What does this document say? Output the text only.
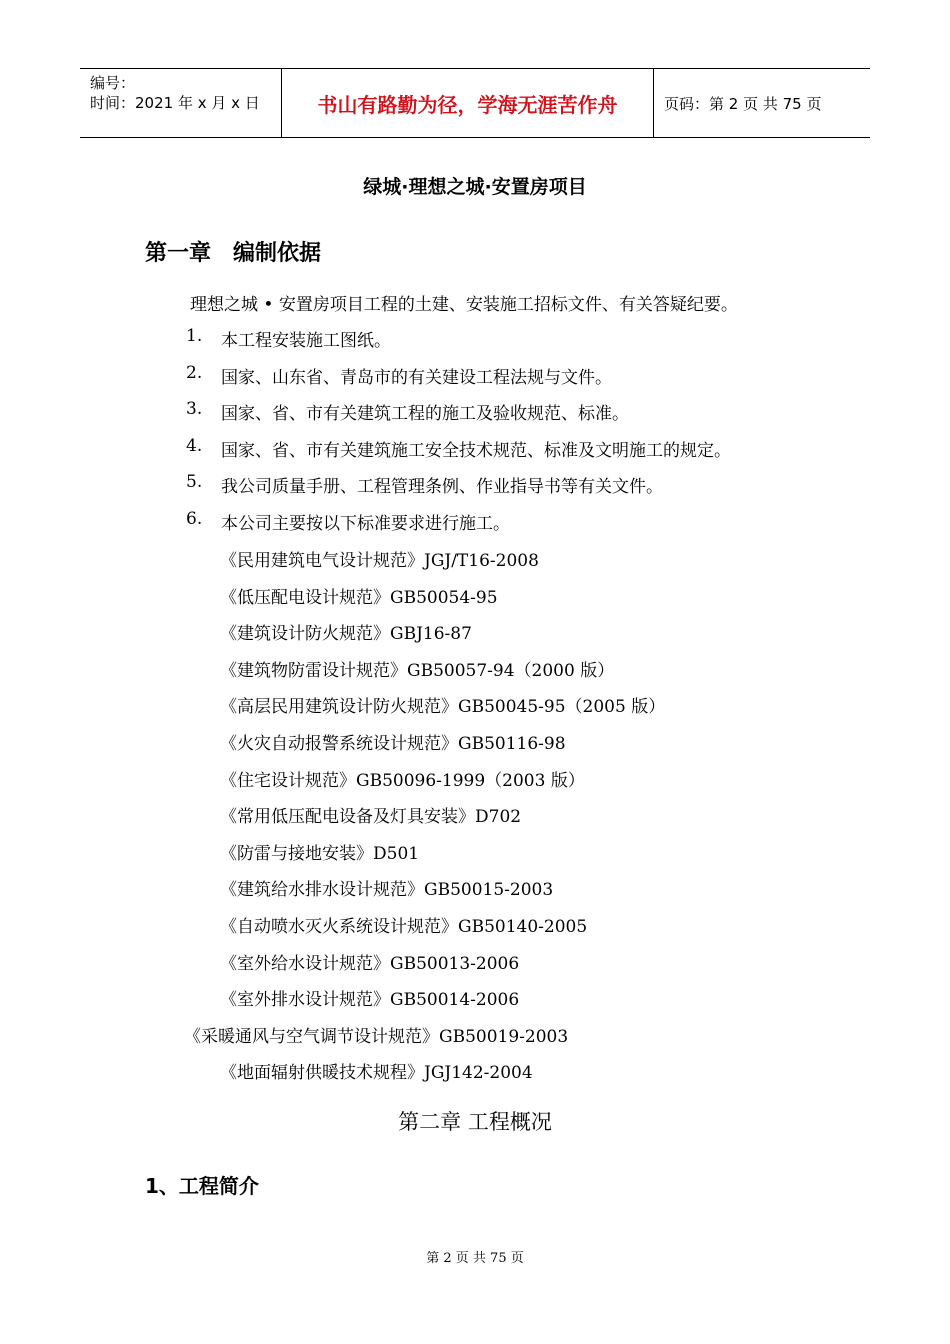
编号：
时间：2021 年 x 月 x 日	书山有路勤为径，学海无涯苦作舟	页码：第 2 页 共 75 页
绿城·理想之城·安置房项目
第一章 编制依据
理想之城 • 安置房项目工程的土建、安装施工招标文件、有关答疑纪要。
1.	本工程安装施工图纸。
2.	国家、山东省、青岛市的有关建设工程法规与文件。
3.	国家、省、市有关建筑工程的施工及验收规范、标准。
4.	国家、省、市有关建筑施工安全技术规范、标准及文明施工的规定。
5.	我公司质量手册、工程管理条例、作业指导书等有关文件。
6.	本公司主要按以下标准要求进行施工。
《民用建筑电气设计规范》JGJ/T16-2008
《低压配电设计规范》GB50054-95
《建筑设计防火规范》GBJ16-87
《建筑物防雷设计规范》GB50057-94（2000 版）
《高层民用建筑设计防火规范》GB50045-95（2005 版）
《火灾自动报警系统设计规范》GB50116-98
《住宅设计规范》GB50096-1999（2003 版）
《常用低压配电设备及灯具安装》D702
《防雷与接地安装》D501
《建筑给水排水设计规范》GB50015-2003
《自动喷水灭火系统设计规范》GB50140-2005
《室外给水设计规范》GB50013-2006
《室外排水设计规范》GB50014-2006
《采暖通风与空气调节设计规范》GB50019-2003
《地面辐射供暖技术规程》JGJ142-2004
第二章 工程概况
1、工程简介
第 2 页 共 75 页
